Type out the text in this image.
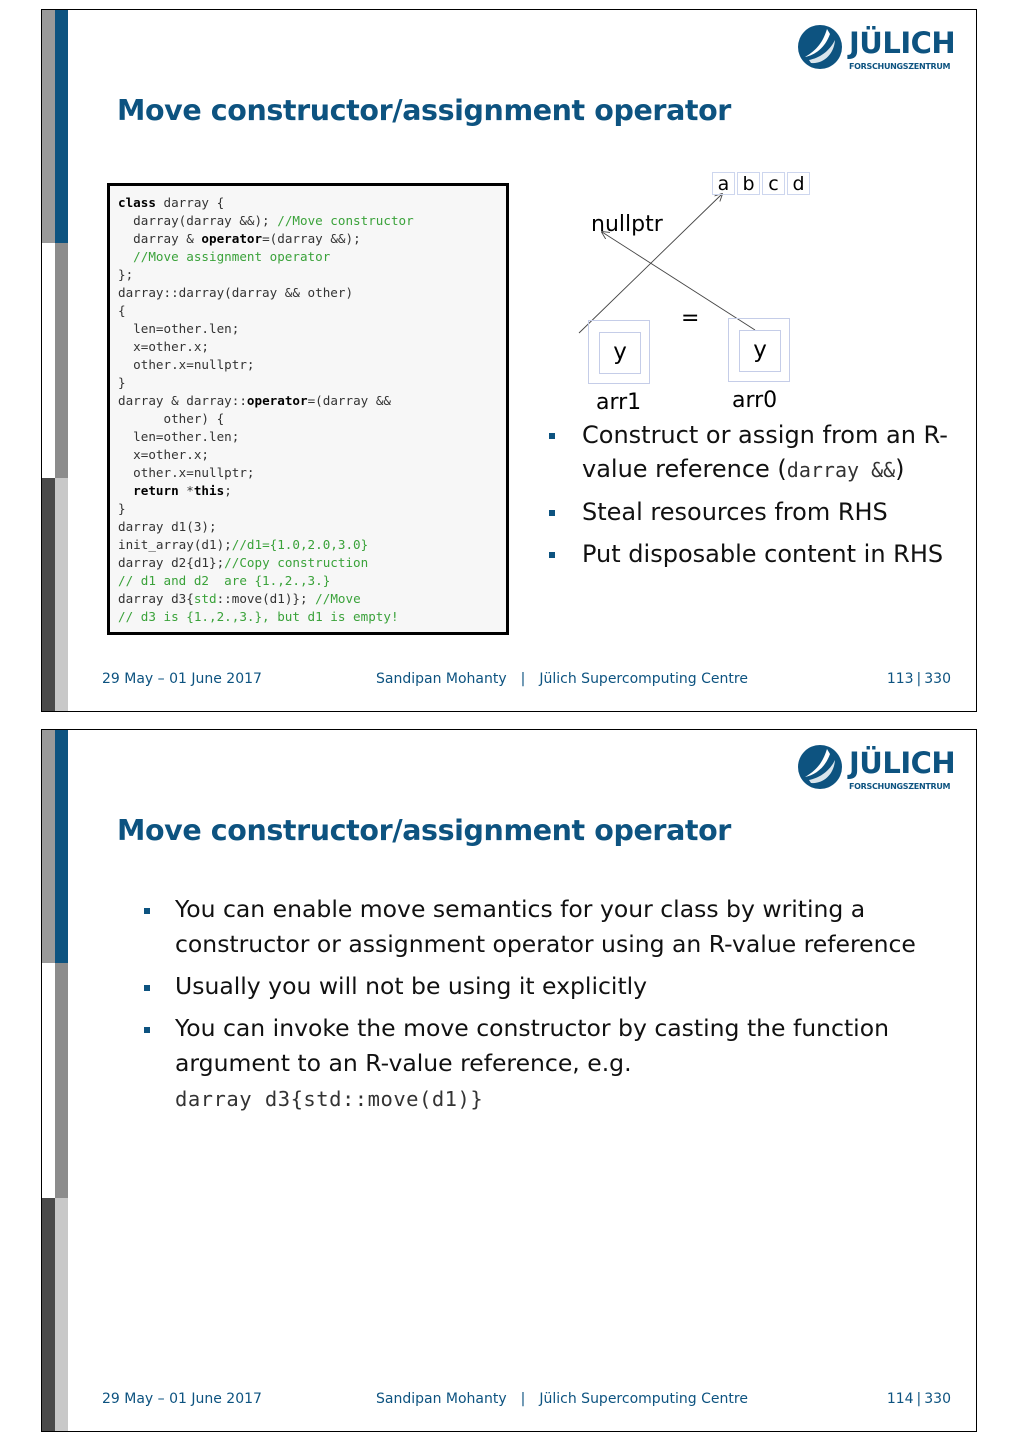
JÜLICH
FORSCHUNGSZENTRUM
Move constructor/assignment operator
class darray {
darray(darray &&); //Move constructor
darray & operator=(darray &&);
//Move assignment operator
};
darray::darray(darray && other)
{
len=other.len;
x=other.x;
other.x=nullptr;
}
darray & darray::operator=(darray &&
other) {
len=other.len;
x=other.x;
other.x=nullptr;
return *this;
}
darray d1(3);
init_array(d1);//d1={1.0,2.0,3.0}
darray d2{d1};//Copy construction
// d1 and d2  are {1.,2.,3.}
darray d3{std::move(d1)}; //Move
// d3 is {1.,2.,3.}, but d1 is empty!
a b c d
nullptr
=
y	y
arr1	arr0
Construct or assign from an R-value reference (darray &&)
Steal resources from RHS
Put disposable content in RHS
29 May – 01 June 2017	Sandipan Mohanty | Jülich Supercomputing Centre	113 | 330
JÜLICH
FORSCHUNGSZENTRUM
Move constructor/assignment operator
You can enable move semantics for your class by writing a constructor or assignment operator using an R-value reference
Usually you will not be using it explicitly
You can invoke the move constructor by casting the function argument to an R-value reference, e.g.
darray d3{std::move(d1)}
29 May – 01 June 2017	Sandipan Mohanty | Jülich Supercomputing Centre	114 | 330
